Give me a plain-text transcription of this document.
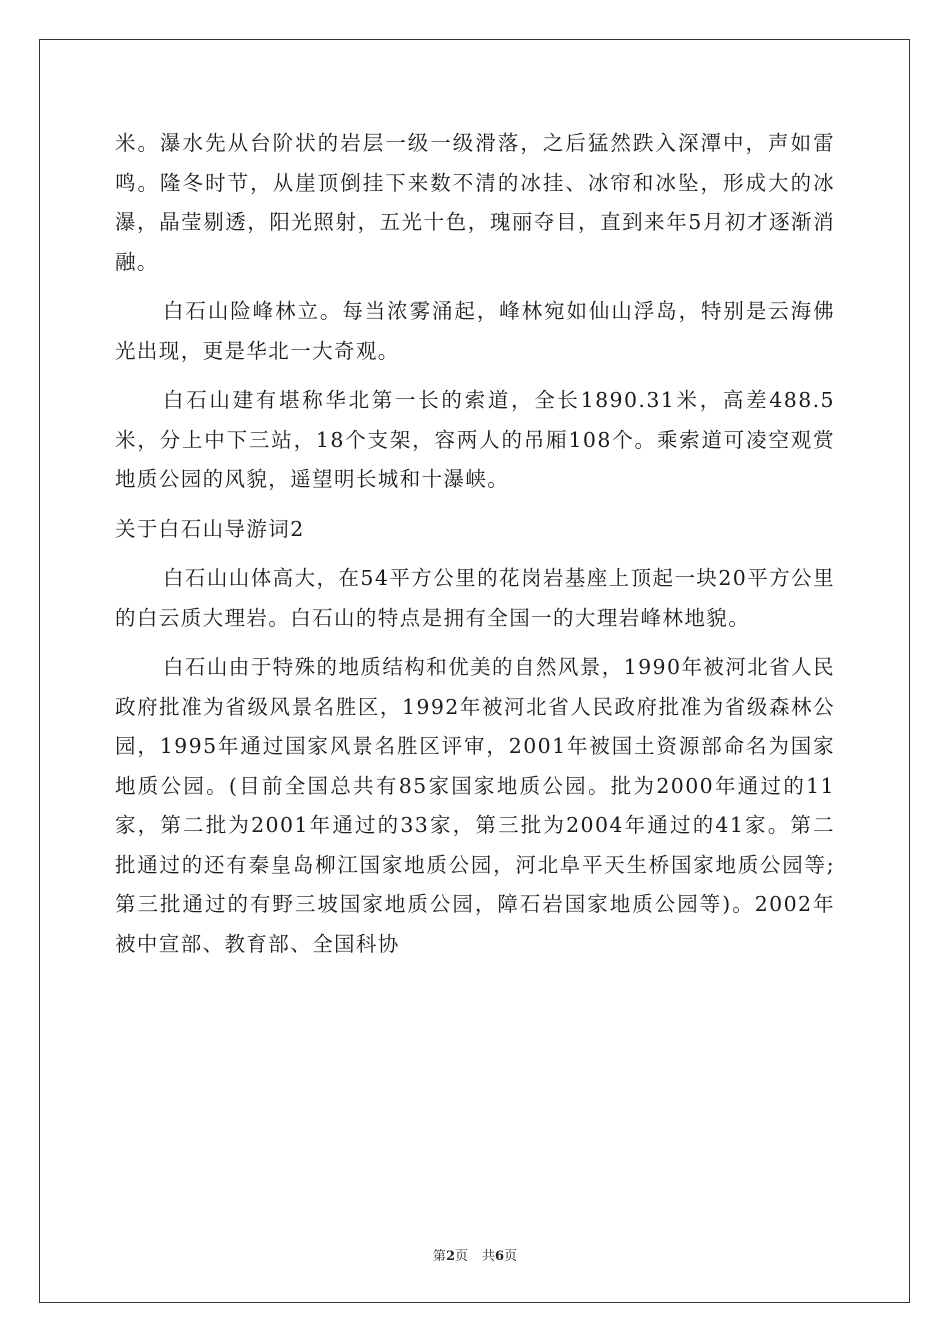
米。瀑水先从台阶状的岩层一级一级滑落，之后猛然跌入深潭中，声如雷鸣。隆冬时节，从崖顶倒挂下来数不清的冰挂、冰帘和冰坠，形成大的冰瀑，晶莹剔透，阳光照射，五光十色，瑰丽夺目，直到来年5月初才逐渐消融。

白石山险峰林立。每当浓雾涌起，峰林宛如仙山浮岛，特别是云海佛光出现，更是华北一大奇观。

白石山建有堪称华北第一长的索道，全长1890.31米，高差488.5米，分上中下三站，18个支架，容两人的吊厢108个。乘索道可凌空观赏地质公园的风貌，遥望明长城和十瀑峡。

关于白石山导游词2

白石山山体高大，在54平方公里的花岗岩基座上顶起一块20平方公里的白云质大理岩。白石山的特点是拥有全国一的大理岩峰林地貌。

白石山由于特殊的地质结构和优美的自然风景，1990年被河北省人民政府批准为省级风景名胜区，1992年被河北省人民政府批准为省级森林公园，1995年通过国家风景名胜区评审，2001年被国土资源部命名为国家地质公园。(目前全国总共有85家国家地质公园。批为2000年通过的11家，第二批为2001年通过的33家，第三批为2004年通过的41家。第二批通过的还有秦皇岛柳江国家地质公园，河北阜平天生桥国家地质公园等;第三批通过的有野三坡国家地质公园，障石岩国家地质公园等)。2002年被中宣部、教育部、全国科协

第2页 共6页
